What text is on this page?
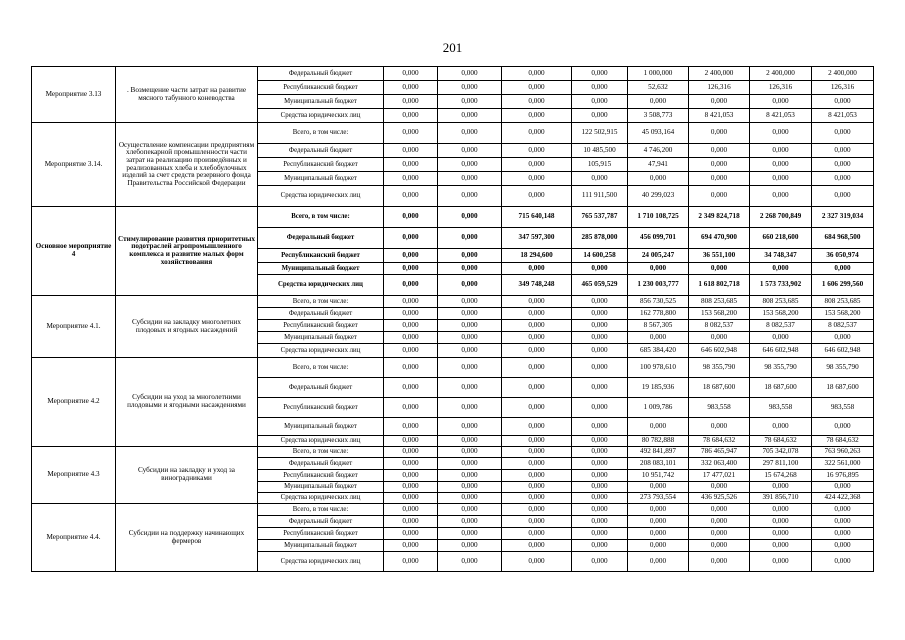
201
Мероприятие 3.13	. Возмещение части затрат на развитие мясного табунного коневодства	Федеральный бюджет	0,000	0,000	0,000	0,000	1 000,000	2 400,000	2 400,000	2 400,000
		Республиканский бюджет	0,000	0,000	0,000	0,000	52,632	126,316	126,316	126,316
		Муниципальный бюджет	0,000	0,000	0,000	0,000	0,000	0,000	0,000	0,000
		Средства юридических лиц	0,000	0,000	0,000	0,000	3 508,773	8 421,053	8 421,053	8 421,053
Мероприятие 3.14.	Осуществление компенсации предприятиям хлебопекарной промышленности части затрат на реализацию произведённых и реализованных хлеба и хлебобулочных изделий за счет средств резервного фонда Правительства Российской Федерации	Всего, в том числе:	0,000	0,000	0,000	122 502,915	45 093,164	0,000	0,000	0,000
		Федеральный бюджет	0,000	0,000	0,000	10 485,500	4 746,200	0,000	0,000	0,000
		Республиканский бюджет	0,000	0,000	0,000	105,915	47,941	0,000	0,000	0,000
		Муниципальный бюджет	0,000	0,000	0,000	0,000	0,000	0,000	0,000	0,000
		Средства юридических лиц	0,000	0,000	0,000	111 911,500	40 299,023	0,000	0,000	0,000
Основное мероприятие 4	Стимулирование развития приоритетных подотраслей агропромышленного комплекса и развитие малых форм хозяйствования	Всего, в том числе:	0,000	0,000	715 640,148	765 537,787	1 710 108,725	2 349 824,718	2 268 700,849	2 327 319,034
		Федеральный бюджет	0,000	0,000	347 597,300	285 878,000	456 099,701	694 470,900	660 218,600	684 968,500
		Республиканский бюджет	0,000	0,000	18 294,600	14 600,258	24 005,247	36 551,100	34 748,347	36 050,974
		Муниципальный бюджет	0,000	0,000	0,000	0,000	0,000	0,000	0,000	0,000
		Средства юридических лиц	0,000	0,000	349 748,248	465 059,529	1 230 003,777	1 618 802,718	1 573 733,902	1 606 299,560
Мероприятие 4.1.	Субсидии на закладку многолетних плодовых и ягодных насаждений	Всего, в том числе:	0,000	0,000	0,000	0,000	856 730,525	808 253,685	808 253,685	808 253,685
		Федеральный бюджет	0,000	0,000	0,000	0,000	162 778,800	153 568,200	153 568,200	153 568,200
		Республиканский бюджет	0,000	0,000	0,000	0,000	8 567,305	8 082,537	8 082,537	8 082,537
		Муниципальный бюджет	0,000	0,000	0,000	0,000	0,000	0,000	0,000	0,000
		Средства юридических лиц	0,000	0,000	0,000	0,000	685 384,420	646 602,948	646 602,948	646 602,948
Мероприятие 4.2	Субсидии на уход за многолетними плодовыми и ягодными насаждениями	Всего, в том числе:	0,000	0,000	0,000	0,000	100 978,610	98 355,790	98 355,790	98 355,790
		Федеральный бюджет	0,000	0,000	0,000	0,000	19 185,936	18 687,600	18 687,600	18 687,600
		Республиканский бюджет	0,000	0,000	0,000	0,000	1 009,786	983,558	983,558	983,558
		Муниципальный бюджет	0,000	0,000	0,000	0,000	0,000	0,000	0,000	0,000
		Средства юридических лиц	0,000	0,000	0,000	0,000	80 782,888	78 684,632	78 684,632	78 684,632
Мероприятие 4.3	Субсидии на закладку и уход за виноградниками	Всего, в том числе:	0,000	0,000	0,000	0,000	492 841,897	786 465,947	705 342,078	763 960,263
		Федеральный бюджет	0,000	0,000	0,000	0,000	208 083,101	332 063,400	297 811,100	322 561,000
		Республиканский бюджет	0,000	0,000	0,000	0,000	10 951,742	17 477,021	15 674,268	16 976,895
		Муниципальный бюджет	0,000	0,000	0,000	0,000	0,000	0,000	0,000	0,000
		Средства юридических лиц	0,000	0,000	0,000	0,000	273 793,554	436 925,526	391 856,710	424 422,368
Мероприятие 4.4.	Субсидии на поддержку начинающих фермеров	Всего, в том числе:	0,000	0,000	0,000	0,000	0,000	0,000	0,000	0,000
		Федеральный бюджет	0,000	0,000	0,000	0,000	0,000	0,000	0,000	0,000
		Республиканский бюджет	0,000	0,000	0,000	0,000	0,000	0,000	0,000	0,000
		Муниципальный бюджет	0,000	0,000	0,000	0,000	0,000	0,000	0,000	0,000
		Средства юридических лиц	0,000	0,000	0,000	0,000	0,000	0,000	0,000	0,000
